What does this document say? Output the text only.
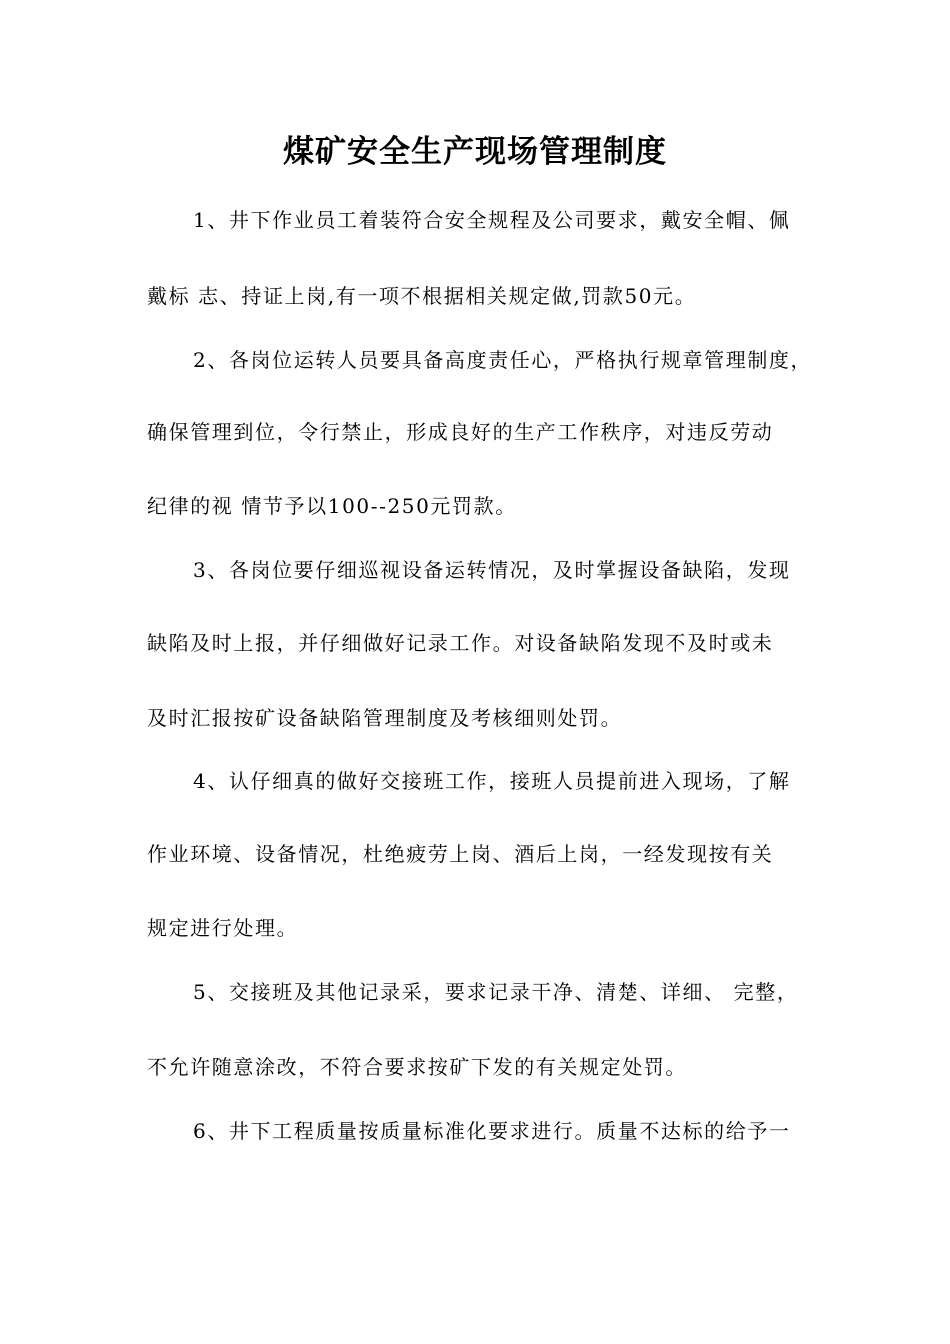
煤矿安全生产现场管理制度
1、井下作业员工着装符合安全规程及公司要求，戴安全帽、佩
戴标 志、持证上岗,有一项不根据相关规定做,罚款50元。
2、各岗位运转人员要具备高度责任心，严格执行规章管理制度，
确保管理到位，令行禁止，形成良好的生产工作秩序，对违反劳动
纪律的视 情节予以100--250元罚款。
3、各岗位要仔细巡视设备运转情况，及时掌握设备缺陷，发现
缺陷及时上报，并仔细做好记录工作。对设备缺陷发现不及时或未
及时汇报按矿设备缺陷管理制度及考核细则处罚。
4、认仔细真的做好交接班工作，接班人员提前进入现场，了解
作业环境、设备情况，杜绝疲劳上岗、酒后上岗，一经发现按有关
规定进行处理。
5、交接班及其他记录采，要求记录干净、清楚、详细、 完整，
不允许随意涂改，不符合要求按矿下发的有关规定处罚。
6、井下工程质量按质量标准化要求进行。质量不达标的给予一
